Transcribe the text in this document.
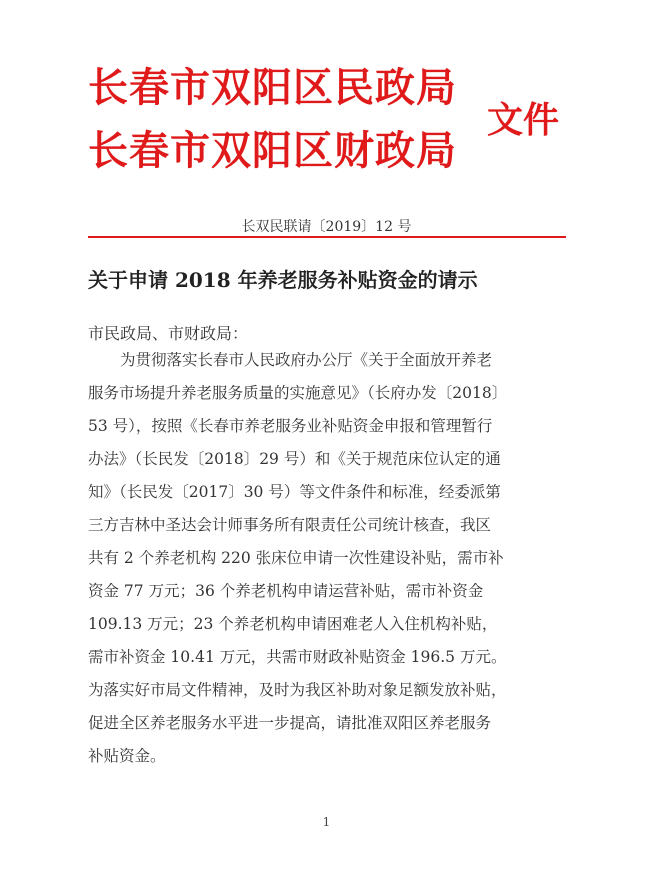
长春市双阳区民政局
长春市双阳区财政局
文件
长双民联请〔2019〕12 号
关于申请 2018 年养老服务补贴资金的请示
市民政局、市财政局：
为贯彻落实长春市人民政府办公厅《关于全面放开养老
服务市场提升养老服务质量的实施意见》（长府办发〔2018〕
53 号），按照《长春市养老服务业补贴资金申报和管理暂行
办法》（长民发〔2018〕29 号）和《关于规范床位认定的通
知》（长民发〔2017〕30 号）等文件条件和标准，经委派第
三方吉林中圣达会计师事务所有限责任公司统计核查，我区
共有 2 个养老机构 220 张床位申请一次性建设补贴，需市补
资金 77 万元；36 个养老机构申请运营补贴，需市补资金
109.13 万元；23 个养老机构申请困难老人入住机构补贴，
需市补资金 10.41 万元，共需市财政补贴资金 196.5 万元。
为落实好市局文件精神，及时为我区补助对象足额发放补贴，
促进全区养老服务水平进一步提高，请批准双阳区养老服务
补贴资金。
1
